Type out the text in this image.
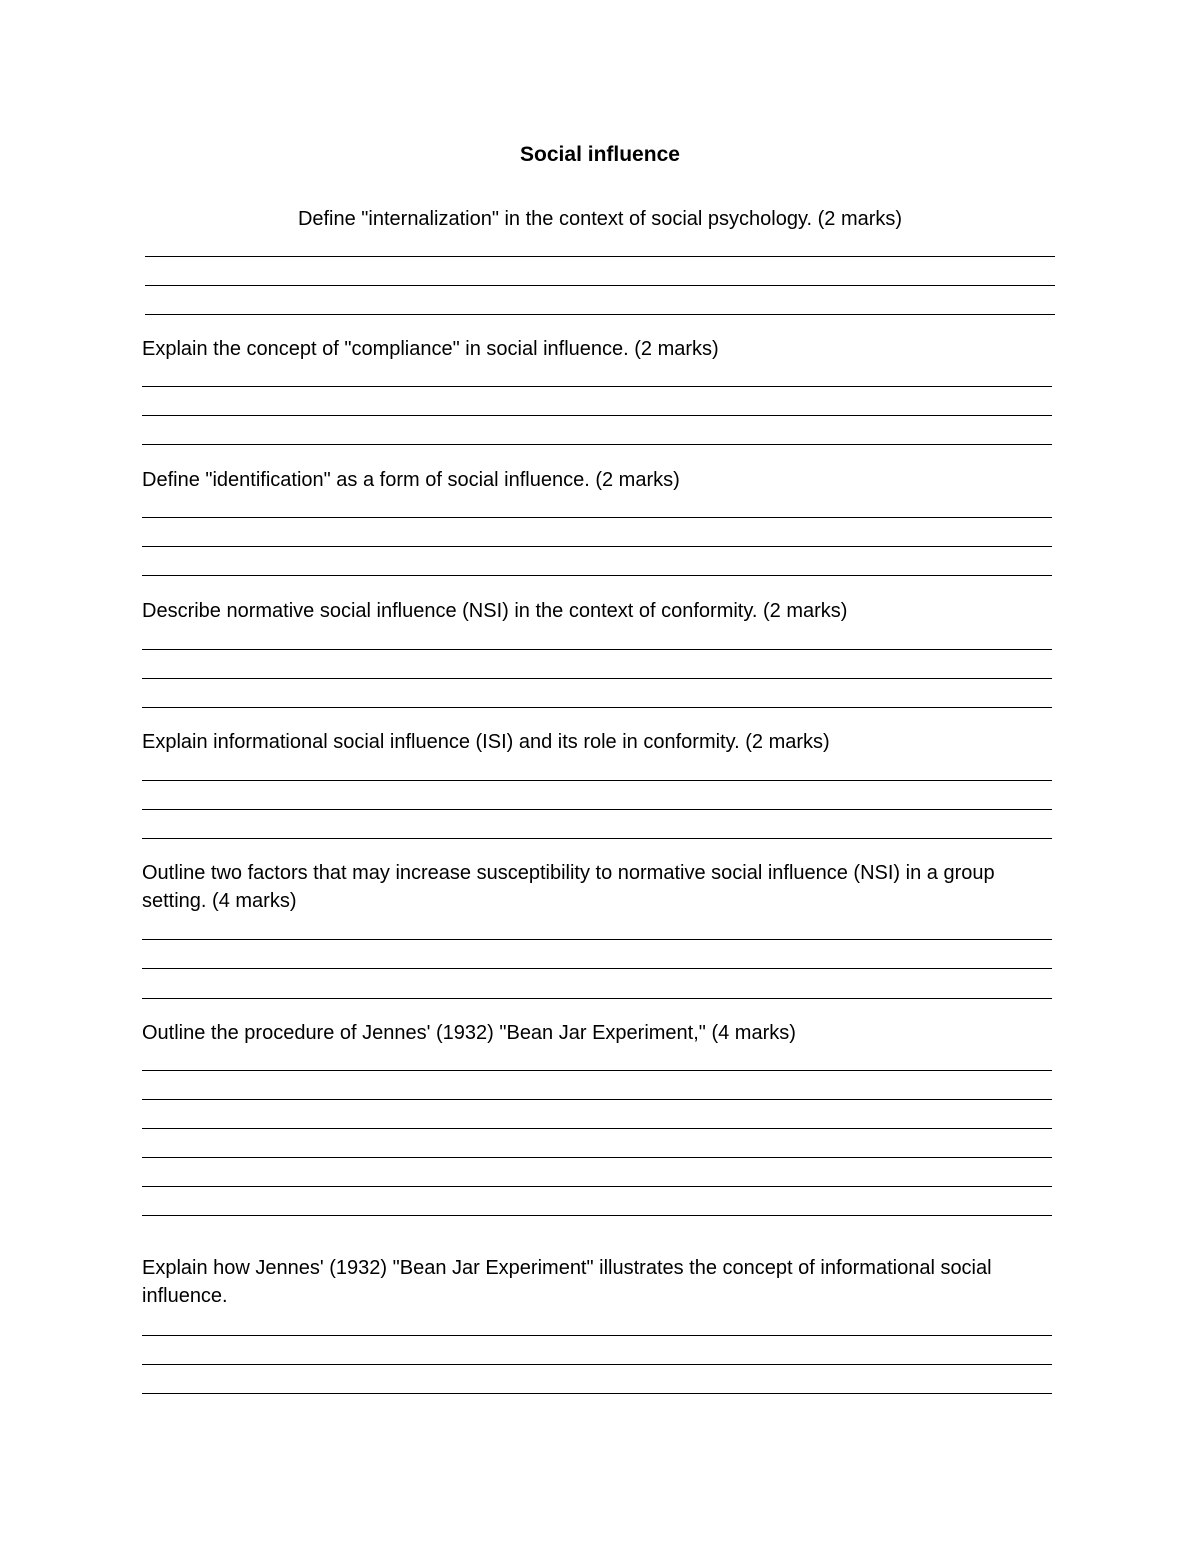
Social influence
Define "internalization" in the context of social psychology. (2 marks)
Explain the concept of "compliance" in social influence. (2 marks)
Define "identification" as a form of social influence. (2 marks)
Describe normative social influence (NSI) in the context of conformity. (2 marks)
Explain informational social influence (ISI) and its role in conformity. (2 marks)
Outline two factors that may increase susceptibility to normative social influence (NSI) in a group setting. (4 marks)
Outline the procedure of Jennes' (1932) "Bean Jar Experiment," (4 marks)
Explain how Jennes' (1932) "Bean Jar Experiment" illustrates the concept of informational social influence.
